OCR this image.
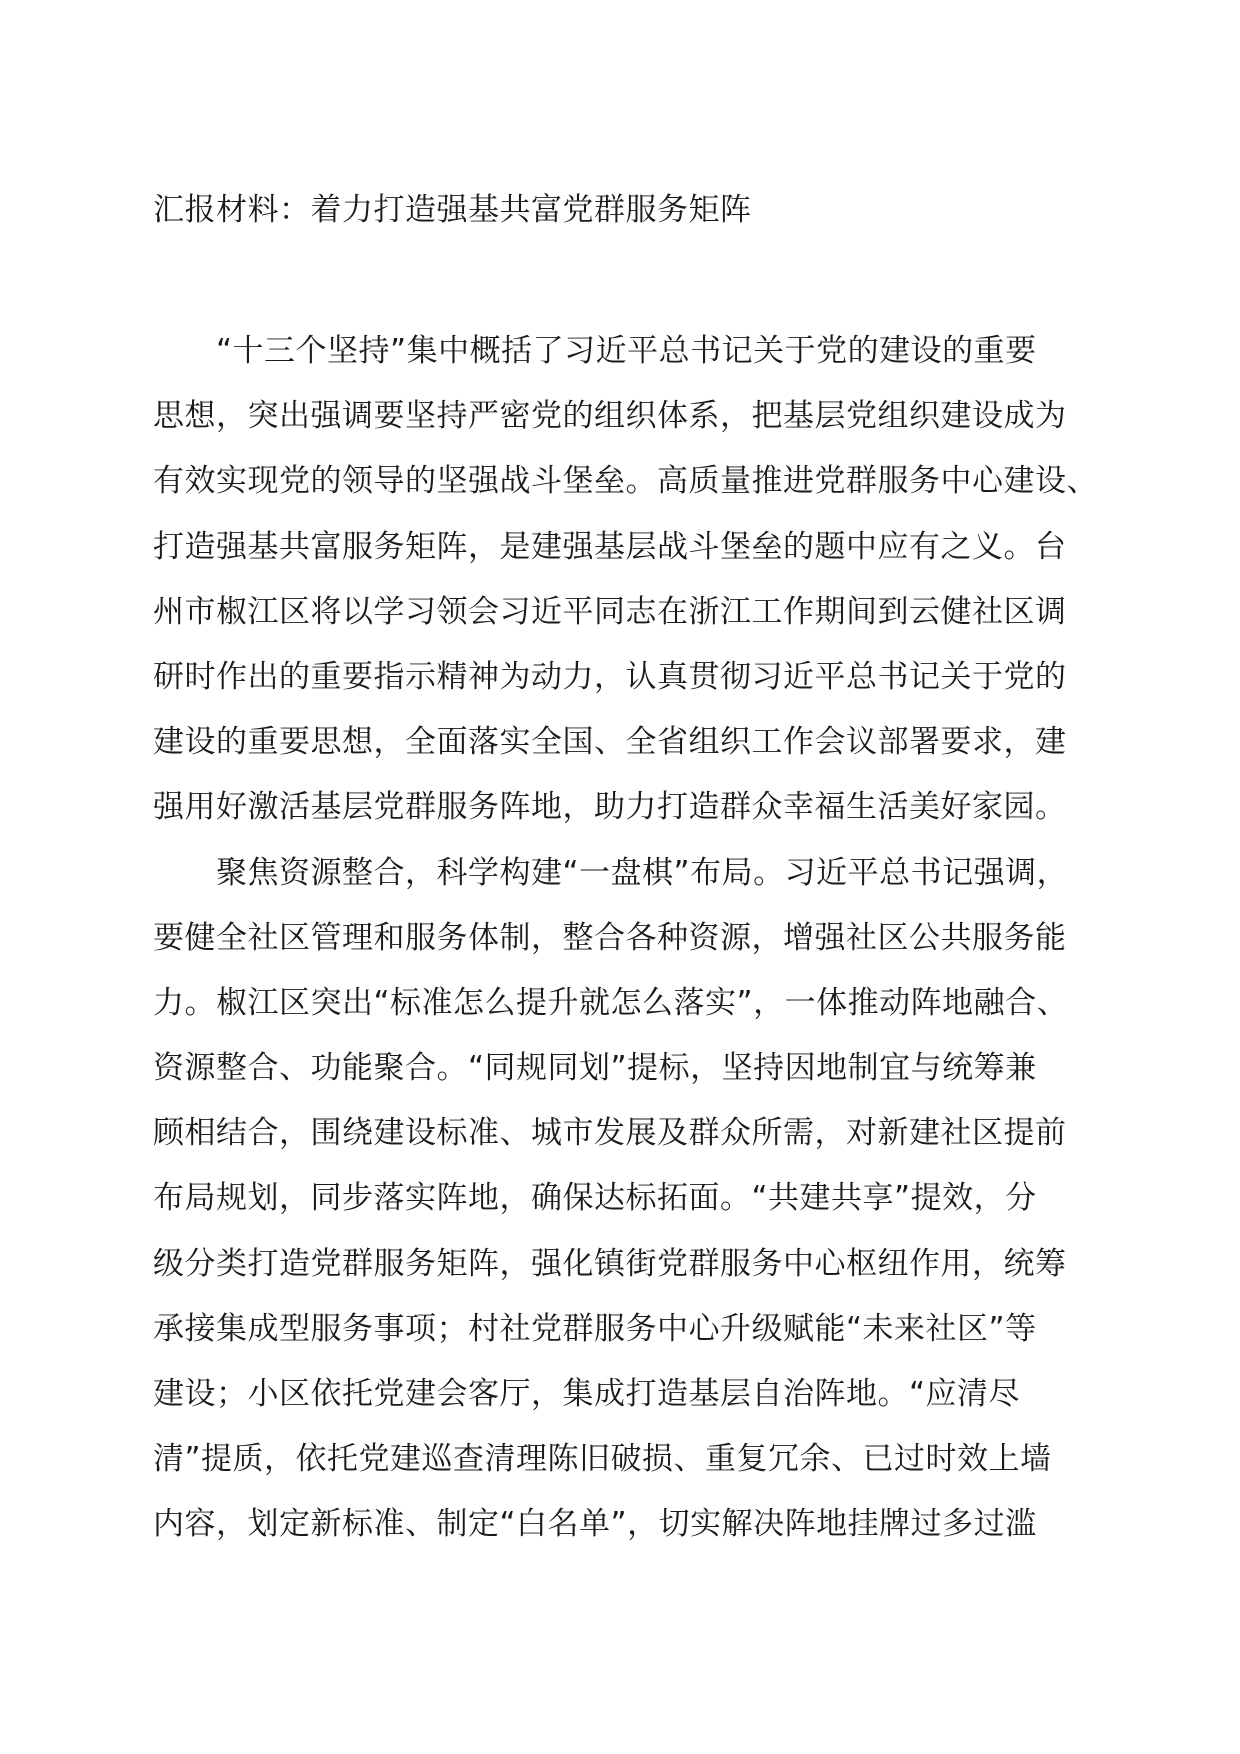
汇报材料：着力打造强基共富党群服务矩阵

“十三个坚持”集中概括了习近平总书记关于党的建设的重要
思想，突出强调要坚持严密党的组织体系，把基层党组织建设成为
有效实现党的领导的坚强战斗堡垒。高质量推进党群服务中心建设、
打造强基共富服务矩阵，是建强基层战斗堡垒的题中应有之义。台
州市椒江区将以学习领会习近平同志在浙江工作期间到云健社区调
研时作出的重要指示精神为动力，认真贯彻习近平总书记关于党的
建设的重要思想，全面落实全国、全省组织工作会议部署要求，建
强用好激活基层党群服务阵地，助力打造群众幸福生活美好家园。

聚焦资源整合，科学构建“一盘棋”布局。习近平总书记强调，
要健全社区管理和服务体制，整合各种资源，增强社区公共服务能
力。椒江区突出“标准怎么提升就怎么落实”，一体推动阵地融合、
资源整合、功能聚合。“同规同划”提标，坚持因地制宜与统筹兼
顾相结合，围绕建设标准、城市发展及群众所需，对新建社区提前
布局规划，同步落实阵地，确保达标拓面。“共建共享”提效，分
级分类打造党群服务矩阵，强化镇街党群服务中心枢纽作用，统筹
承接集成型服务事项；村社党群服务中心升级赋能“未来社区”等
建设；小区依托党建会客厅，集成打造基层自治阵地。“应清尽
清”提质，依托党建巡查清理陈旧破损、重复冗余、已过时效上墙
内容，划定新标准、制定“白名单”，切实解决阵地挂牌过多过滥
